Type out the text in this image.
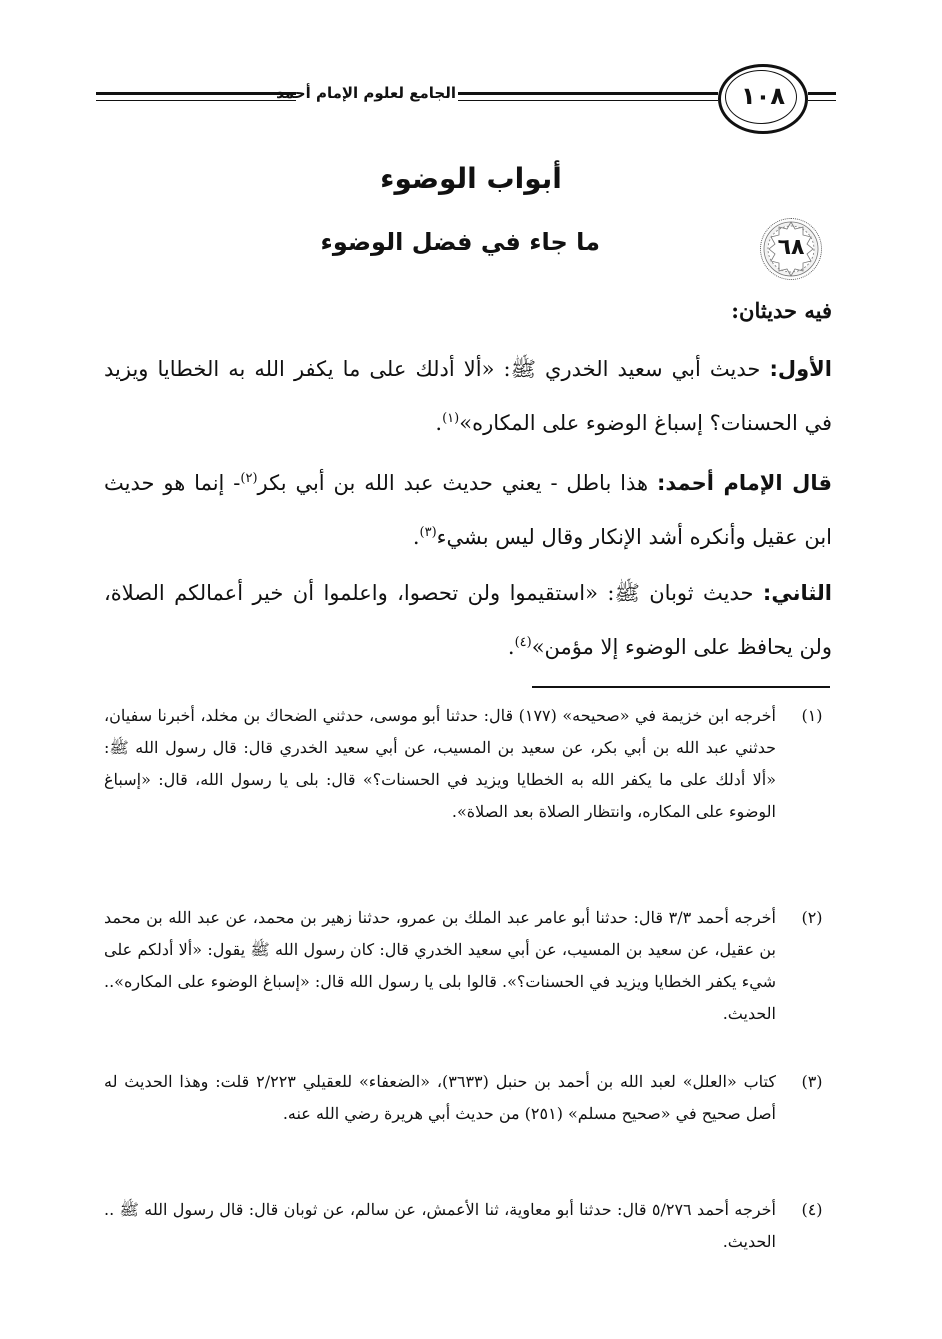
الجامع لعلوم الإمام أحمد	١٠٨
أبواب الوضوء
ما جاء في فضل الوضوء	٦٨
فيه حديثان:
الأول: حديث أبي سعيد الخدري ﷺ: «ألا أدلك على ما يكفر الله به الخطايا ويزيد في الحسنات؟ إسباغ الوضوء على المكاره»$^{(١)}$.
قال الإمام أحمد: هذا باطل - يعني حديث عبد الله بن أبي بكر$^{(٢)}$- إنما هو حديث ابن عقيل وأنكره أشد الإنكار وقال ليس بشيء$^{(٣)}$.
الثاني: حديث ثوبان ﷺ: «استقيموا ولن تحصوا، واعلموا أن خير أعمالكم الصلاة، ولن يحافظ على الوضوء إلا مؤمن»$^{(٤)}$.
(١)
أخرجه ابن خزيمة في «صحيحه» (١٧٧) قال: حدثنا أبو موسى، حدثني الضحاك بن مخلد، أخبرنا سفيان، حدثني عبد الله بن أبي بكر، عن سعيد بن المسيب، عن أبي سعيد الخدري قال: قال رسول الله ﷺ: «ألا أدلك على ما يكفر الله به الخطايا ويزيد في الحسنات؟» قال: بلى يا رسول الله، قال: «إسباغ الوضوء على المكاره، وانتظار الصلاة بعد الصلاة».
(٢)
أخرجه أحمد ٣/٣ قال: حدثنا أبو عامر عبد الملك بن عمرو، حدثنا زهير بن محمد، عن عبد الله بن محمد بن عقيل، عن سعيد بن المسيب، عن أبي سعيد الخدري قال: كان رسول الله ﷺ يقول: «ألا أدلكم على شيء يكفر الخطايا ويزيد في الحسنات؟». قالوا بلى يا رسول الله قال: «إسباغ الوضوء على المكاره».. الحديث.
(٣)
كتاب «العلل» لعبد الله بن أحمد بن حنبل (٣٦٣٣)، «الضعفاء» للعقيلي ٢/٢٢٣ قلت: وهذا الحديث له أصل صحيح في «صحيح مسلم» (٢٥١) من حديث أبي هريرة رضي الله عنه.
(٤)
أخرجه أحمد ٥/٢٧٦ قال: حدثنا أبو معاوية، ثنا الأعمش، عن سالم، عن ثوبان قال: قال رسول الله ﷺ .. الحديث.
